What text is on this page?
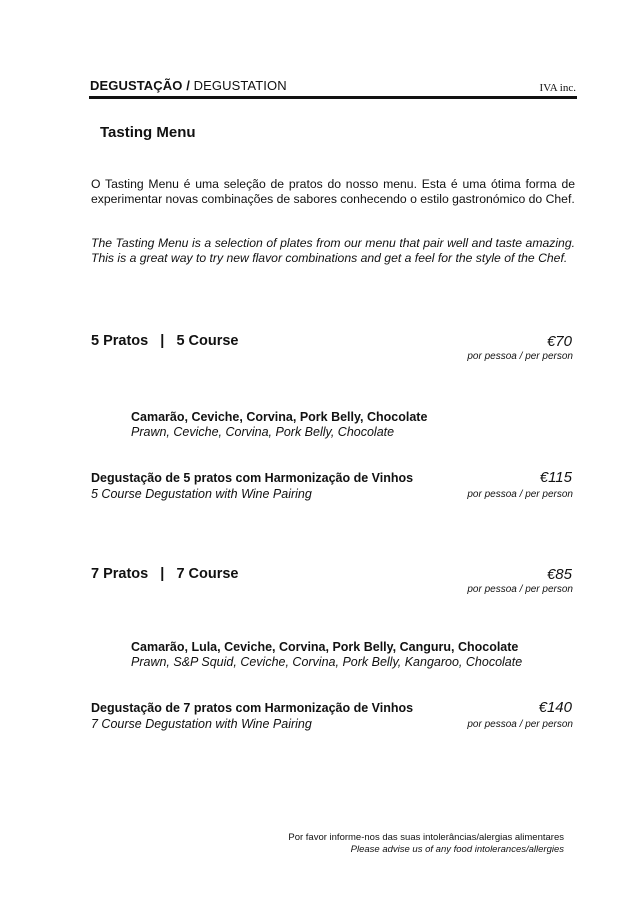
DEGUSTAÇÃO / DEGUSTATION	IVA inc.
Tasting Menu
O Tasting Menu é uma seleção de pratos do nosso menu. Esta é uma ótima forma de experimentar novas combinações de sabores conhecendo o estilo gastronómico do Chef.
The Tasting Menu is a selection of plates from our menu that pair well and taste amazing. This is a great way to try new flavor combinations and get a feel for the style of the Chef.
5 Pratos   |   5 Course	€70
por pessoa / per person
Camarão, Ceviche, Corvina, Pork Belly, Chocolate
Prawn, Ceviche, Corvina, Pork Belly, Chocolate
Degustação de 5 pratos com Harmonização de Vinhos
5 Course Degustation with Wine Pairing
€115
por pessoa / per person
7 Pratos   |   7 Course	€85
por pessoa / per person
Camarão, Lula, Ceviche, Corvina, Pork Belly, Canguru, Chocolate
Prawn, S&P Squid, Ceviche, Corvina, Pork Belly, Kangaroo, Chocolate
Degustação de 7 pratos com Harmonização de Vinhos
7 Course Degustation with Wine Pairing
€140
por pessoa / per person
Por favor informe-nos das suas intolerâncias/alergias alimentares
Please advise us of any food intolerances/allergies
